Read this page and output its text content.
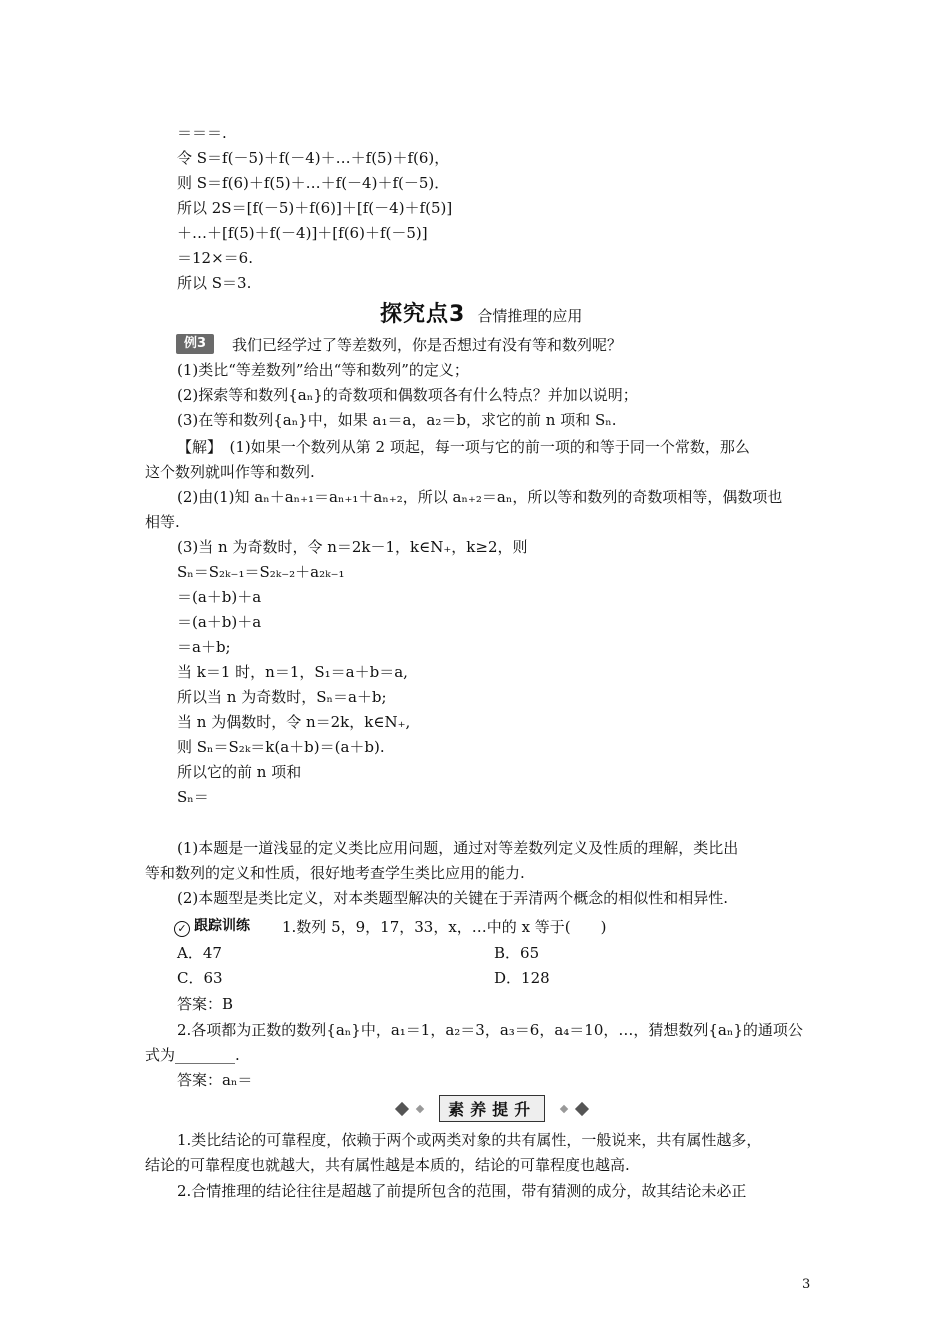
＝＝＝.
令 S＝f(－5)＋f(－4)＋…＋f(5)＋f(6)，
则 S＝f(6)＋f(5)＋…＋f(－4)＋f(－5)．
所以 2S＝[f(－5)＋f(6)]＋[f(－4)＋f(5)]
＋…＋[f(5)＋f(－4)]＋[f(6)＋f(－5)]
＝12×＝6.
所以 S＝3.
探究点3 合情推理的应用
例3	我们已经学过了等差数列，你是否想过有没有等和数列呢？
(1)类比“等差数列”给出“等和数列”的定义；
(2)探索等和数列{aₙ}的奇数项和偶数项各有什么特点？并加以说明；
(3)在等和数列{aₙ}中，如果 a₁＝a，a₂＝b，求它的前 n 项和 Sₙ.
【解】　(1)如果一个数列从第 2 项起，每一项与它的前一项的和等于同一个常数，那么
这个数列就叫作等和数列.
(2)由(1)知 aₙ＋aₙ₊₁＝aₙ₊₁＋aₙ₊₂，所以 aₙ₊₂＝aₙ，所以等和数列的奇数项相等，偶数项也
相等.
(3)当 n 为奇数时，令 n＝2k－1，k∈N₊，k≥2，则
Sₙ＝S₂ₖ₋₁＝S₂ₖ₋₂＋a₂ₖ₋₁
＝(a＋b)＋a
＝(a＋b)＋a
＝a＋b;
当 k＝1 时，n＝1，S₁＝a＋b＝a,
所以当 n 为奇数时，Sₙ＝a＋b;
当 n 为偶数时，令 n＝2k，k∈N₊,
则 Sₙ＝S₂ₖ＝k(a＋b)＝(a＋b).
所以它的前 n 项和
Sₙ＝
(1)本题是一道浅显的定义类比应用问题，通过对等差数列定义及性质的理解，类比出
等和数列的定义和性质，很好地考查学生类比应用的能力.
(2)本题型是类比定义，对本类题型解决的关键在于弄清两个概念的相似性和相异性.
✓ 跟踪训练 1.数列 5，9，17，33，x，…中的 x 等于(　　)
A．47	B．65
C．63	D．128
答案：B
2.各项都为正数的数列{aₙ}中，a₁＝1，a₂＝3，a₃＝6，a₄＝10，…，猜想数列{aₙ}的通项公
式为________.
答案：aₙ＝
素养提升
1.类比结论的可靠程度，依赖于两个或两类对象的共有属性，一般说来，共有属性越多，
结论的可靠程度也就越大，共有属性越是本质的，结论的可靠程度也越高.
2.合情推理的结论往往是超越了前提所包含的范围，带有猜测的成分，故其结论未必正
3
